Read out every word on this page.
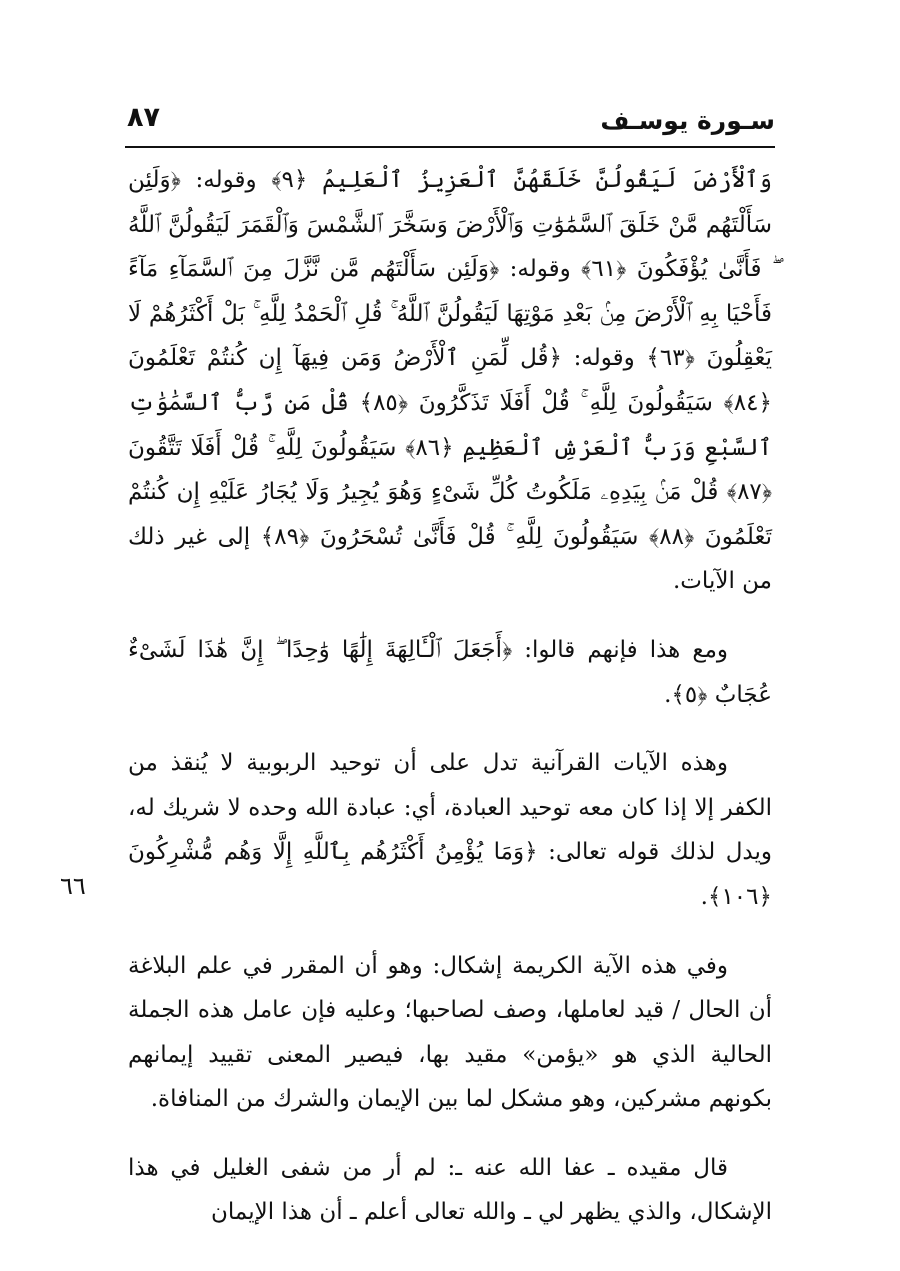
سـورة يوسـف
٨٧
٦٦

وَٱلْأَرْضَ لَيَقُولُنَّ خَلَقَهُنَّ ٱلْعَزِيزُ ٱلْعَلِيمُ ﴿٩﴾ وقوله: ﴿وَلَئِن سَأَلْتَهُم مَّنْ خَلَقَ ٱلسَّمَٰوَٰتِ وَٱلْأَرْضَ وَسَخَّرَ ٱلشَّمْسَ وَٱلْقَمَرَ لَيَقُولُنَّ ٱللَّهُ ۖ فَأَنَّىٰ يُؤْفَكُونَ ﴿٦١﴾ وقوله: ﴿وَلَئِن سَأَلْتَهُم مَّن نَّزَّلَ مِنَ ٱلسَّمَآءِ مَآءً فَأَحْيَا بِهِ ٱلْأَرْضَ مِنۢ بَعْدِ مَوْتِهَا لَيَقُولُنَّ ٱللَّهُ ۚ قُلِ ٱلْحَمْدُ لِلَّهِ ۚ بَلْ أَكْثَرُهُمْ لَا يَعْقِلُونَ ﴿٦٣﴾ وقوله: ﴿قُل لِّمَنِ ٱلْأَرْضُ وَمَن فِيهَآ إِن كُنتُمْ تَعْلَمُونَ ﴿٨٤﴾ سَيَقُولُونَ لِلَّهِ ۚ قُلْ أَفَلَا تَذَكَّرُونَ ﴿٨٥﴾ قُلْ مَن رَّبُّ ٱلسَّمَٰوَٰتِ ٱلسَّبْعِ وَرَبُّ ٱلْعَرْشِ ٱلْعَظِيمِ ﴿٨٦﴾ سَيَقُولُونَ لِلَّهِ ۚ قُلْ أَفَلَا تَتَّقُونَ ﴿٨٧﴾ قُلْ مَنۢ بِيَدِهِۦ مَلَكُوتُ كُلِّ شَىْءٍ وَهُوَ يُجِيرُ وَلَا يُجَارُ عَلَيْهِ إِن كُنتُمْ تَعْلَمُونَ ﴿٨٨﴾ سَيَقُولُونَ لِلَّهِ ۚ قُلْ فَأَنَّىٰ تُسْحَرُونَ ﴿٨٩﴾ إلى غير ذلك من الآيات.

ومع هذا فإنهم قالوا: ﴿أَجَعَلَ ٱلْـَٔالِهَةَ إِلَٰهًا وَٰحِدًا ۖ إِنَّ هَٰذَا لَشَىْءٌ عُجَابٌ ﴿٥﴾.

وهذه الآيات القرآنية تدل على أن توحيد الربوبية لا يُنقذ من الكفر إلا إذا كان معه توحيد العبادة، أي: عبادة الله وحده لا شريك له، ويدل لذلك قوله تعالى: ﴿وَمَا يُؤْمِنُ أَكْثَرُهُم بِٱللَّهِ إِلَّا وَهُم مُّشْرِكُونَ ﴿١٠٦﴾.

وفي هذه الآية الكريمة إشكال: وهو أن المقرر في علم البلاغة أن الحال / قيد لعاملها، وصف لصاحبها؛ وعليه فإن عامل هذه الجملة الحالية الذي هو «يؤمن» مقيد بها، فيصير المعنى تقييد إيمانهم بكونهم مشركين، وهو مشكل لما بين الإيمان والشرك من المنافاة.

قال مقيده ـ عفا الله عنه ـ: لم أر من شفى الغليل في هذا الإشكال، والذي يظهر لي ـ والله تعالى أعلم ـ أن هذا الإيمان
